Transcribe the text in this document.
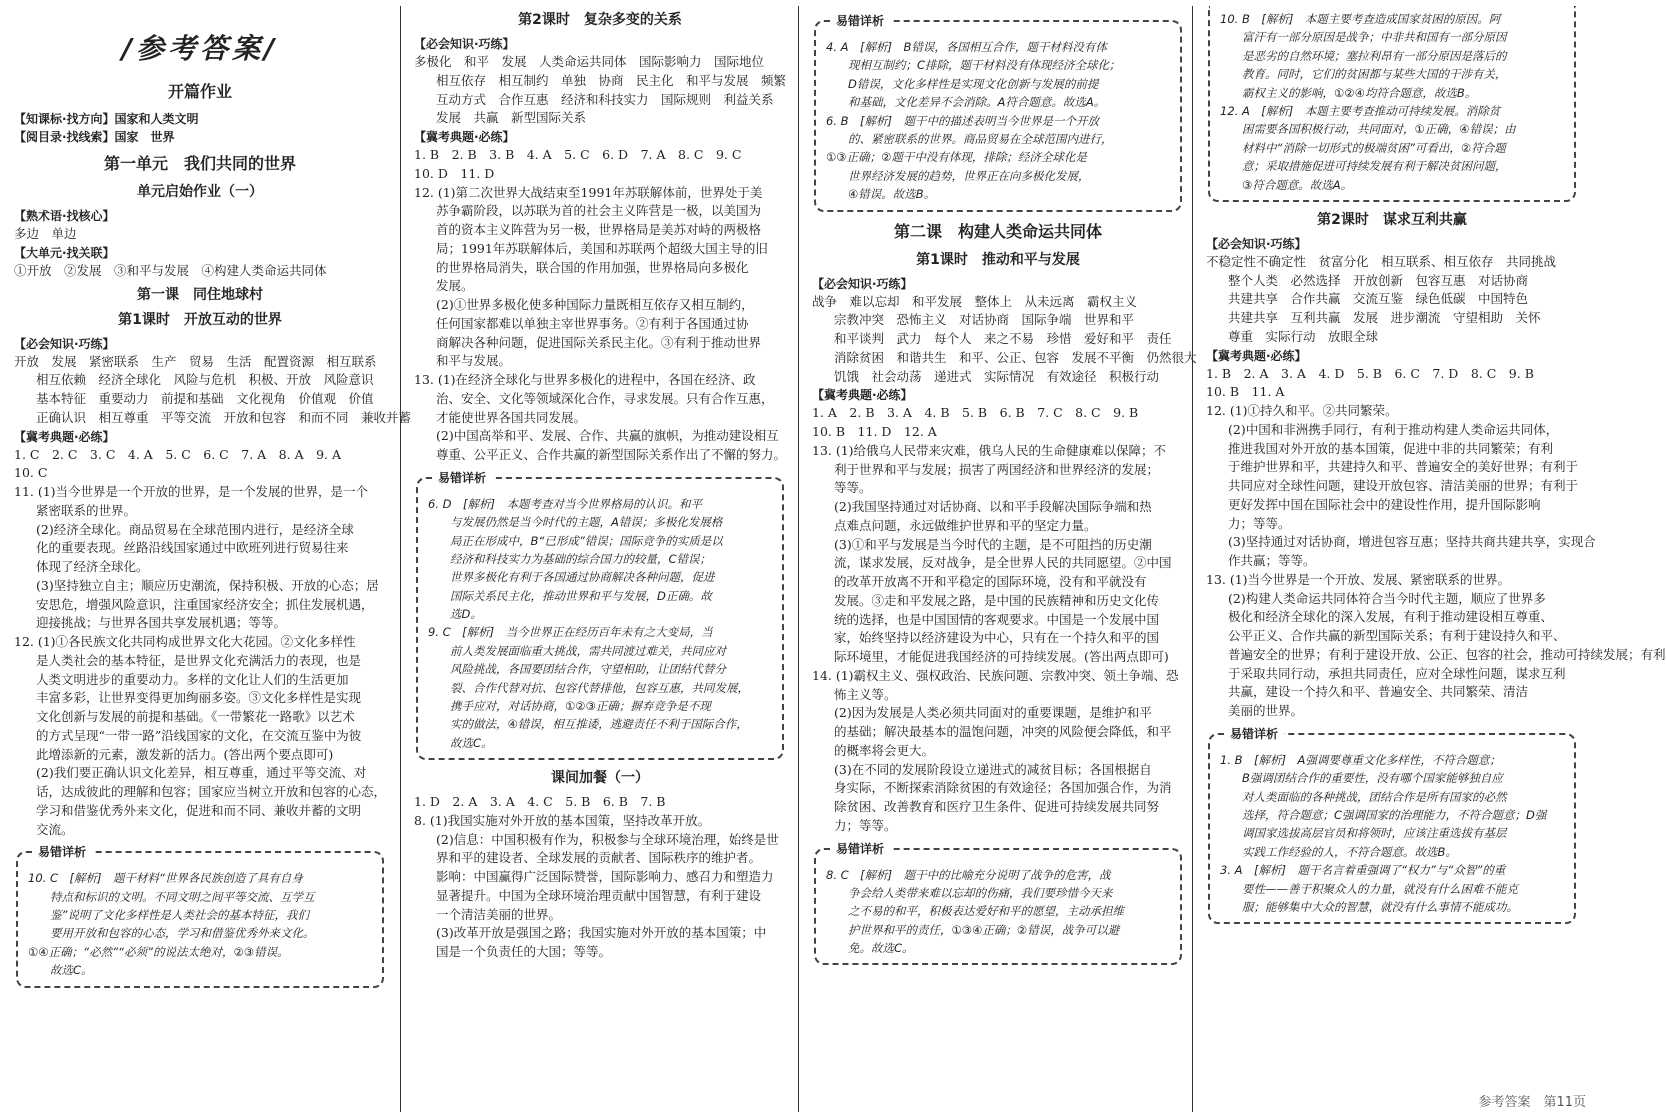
/参考答案/
开篇作业
【知课标·找方向】国家和人类文明
【阅目录·找线索】国家　世界
第一单元　我们共同的世界
单元启始作业（一）
【熟术语·找核心】
多边　单边
【大单元·找关联】
①开放　②发展　③和平与发展　④构建人类命运共同体
第一课　同住地球村
第1课时　开放互动的世界
【必会知识·巧练】
开放　发展　紧密联系　生产　贸易　生活　配置资源　相互联系
相互依赖　经济全球化　风险与危机　积极、开放　风险意识
基本特征　重要动力　前提和基础　文化视角　价值观　价值
正确认识　相互尊重　平等交流　开放和包容　和而不同　兼收并蓄
【冀考典题·必练】
1. C　2. C　3. C　4. A　5. C　6. C　7. A　8. A　9. A
10. C
11. (1)当今世界是一个开放的世界，是一个发展的世界，是一个
紧密联系的世界。
(2)经济全球化。商品贸易在全球范围内进行，是经济全球
化的重要表现。丝路沿线国家通过中欧班列进行贸易往来
体现了经济全球化。
(3)坚持独立自主；顺应历史潮流，保持积极、开放的心态；居
安思危，增强风险意识，注重国家经济安全；抓住发展机遇，
迎接挑战；与世界各国共享发展机遇；等等。
12. (1)①各民族文化共同构成世界文化大花园。②文化多样性
是人类社会的基本特征，是世界文化充满活力的表现，也是
人类文明进步的重要动力。多样的文化让人们的生活更加
丰富多彩，让世界变得更加绚丽多姿。③文化多样性是实现
文化创新与发展的前提和基础。《一带繁花一路歌》以艺术
的方式呈现“一带一路”沿线国家的文化，在交流互鉴中为彼
此增添新的元素，激发新的活力。(答出两个要点即可)
(2)我们要正确认识文化差异，相互尊重，通过平等交流、对
话，达成彼此的理解和包容；国家应当树立开放和包容的心态，
学习和借鉴优秀外来文化，促进和而不同、兼收并蓄的文明
交流。
易错详析
10. C　[解析]　题干材料“世界各民族创造了具有自身
特点和标识的文明。不同文明之间平等交流、互学互
鉴”说明了文化多样性是人类社会的基本特征，我们
要用开放和包容的心态，学习和借鉴优秀外来文化。
①④正确；“必然”“必须”的说法太绝对，②③错误。
故选C。
第2课时　复杂多变的关系
【必会知识·巧练】
多极化　和平　发展　人类命运共同体　国际影响力　国际地位
相互依存　相互制约　单独　协商　民主化　和平与发展　频繁
互动方式　合作互惠　经济和科技实力　国际规则　利益关系
发展　共赢　新型国际关系
【冀考典题·必练】
1. B　2. B　3. B　4. A　5. C　6. D　7. A　8. C　9. C
10. D　11. D
12. (1)第二次世界大战结束至1991年苏联解体前，世界处于美
苏争霸阶段，以苏联为首的社会主义阵营是一极，以美国为
首的资本主义阵营为另一极，世界格局是美苏对峙的两极格
局；1991年苏联解体后，美国和苏联两个超级大国主导的旧
的世界格局消失，联合国的作用加强，世界格局向多极化
发展。
(2)①世界多极化使多种国际力量既相互依存又相互制约，
任何国家都难以单独主宰世界事务。②有利于各国通过协
商解决各种问题，促进国际关系民主化。③有利于推动世界
和平与发展。
13. (1)在经济全球化与世界多极化的进程中，各国在经济、政
治、安全、文化等领域深化合作，寻求发展。只有合作互惠，
才能使世界各国共同发展。
(2)中国高举和平、发展、合作、共赢的旗帜，为推动建设相互
尊重、公平正义、合作共赢的新型国际关系作出了不懈的努力。
易错详析
6. D　[解析]　本题考查对当今世界格局的认识。和平
与发展仍然是当今时代的主题，A错误；多极化发展格
局正在形成中，B“已形成”错误；国际竞争的实质是以
经济和科技实力为基础的综合国力的较量，C错误；
世界多极化有利于各国通过协商解决各种问题，促进
国际关系民主化，推动世界和平与发展，D正确。故
选D。
9. C　[解析]　当今世界正在经历百年未有之大变局，当
前人类发展面临重大挑战，需共同渡过难关，共同应对
风险挑战，各国要团结合作，守望相助，让团结代替分
裂、合作代替对抗、包容代替排他，包容互惠，共同发展，
携手应对，对话协商，①②③正确；摒弃竞争是不现
实的做法，④错误，相互推诿，逃避责任不利于国际合作，
故选C。
课间加餐（一）
1. D　2. A　3. A　4. C　5. B　6. B　7. B
8. (1)我国实施对外开放的基本国策，坚持改革开放。
(2)信息：中国积极有作为，积极参与全球环境治理，始终是世
界和平的建设者、全球发展的贡献者、国际秩序的维护者。
影响：中国赢得广泛国际赞誉，国际影响力、感召力和塑造力
显著提升。中国为全球环境治理贡献中国智慧，有利于建设
一个清洁美丽的世界。
(3)改革开放是强国之路；我国实施对外开放的基本国策；中
国是一个负责任的大国；等等。
易错详析
4. A　[解析]　B错误，各国相互合作，题干材料没有体
现相互制约；C排除，题干材料没有体现经济全球化；
D错误，文化多样性是实现文化创新与发展的前提
和基础，文化差异不会消除。A符合题意。故选A。
6. B　[解析]　题干中的描述表明当今世界是一个开放
的、紧密联系的世界。商品贸易在全球范围内进行，
①③正确；②题干中没有体现，排除；经济全球化是
世界经济发展的趋势，世界正在向多极化发展，
④错误。故选B。
第二课　构建人类命运共同体
第1课时　推动和平与发展
【必会知识·巧练】
战争　难以忘却　和平发展　整体上　从未远离　霸权主义
宗教冲突　恐怖主义　对话协商　国际争端　世界和平
和平谈判　武力　每个人　来之不易　珍惜　爱好和平　责任
消除贫困　和谐共生　和平、公正、包容　发展不平衡　仍然很大
饥饿　社会动荡　递进式　实际情况　有效途径　积极行动
【冀考典题·必练】
1. A　2. B　3. A　4. B　5. B　6. B　7. C　8. C　9. B
10. B　11. D　12. A
13. (1)给俄乌人民带来灾难，俄乌人民的生命健康难以保障；不
利于世界和平与发展；损害了两国经济和世界经济的发展；
等等。
(2)我国坚持通过对话协商、以和平手段解决国际争端和热
点难点问题，永远做维护世界和平的坚定力量。
(3)①和平与发展是当今时代的主题，是不可阻挡的历史潮
流，谋求发展，反对战争，是全世界人民的共同愿望。②中国
的改革开放离不开和平稳定的国际环境，没有和平就没有
发展。③走和平发展之路，是中国的民族精神和历史文化传
统的选择，也是中国国情的客观要求。中国是一个发展中国
家，始终坚持以经济建设为中心，只有在一个持久和平的国
际环境里，才能促进我国经济的可持续发展。(答出两点即可)
14. (1)霸权主义、强权政治、民族问题、宗教冲突、领土争端、恐
怖主义等。
(2)因为发展是人类必须共同面对的重要课题，是维护和平
的基础；解决最基本的温饱问题，冲突的风险便会降低，和平
的概率将会更大。
(3)在不同的发展阶段设立递进式的减贫目标；各国根据自
身实际，不断探索消除贫困的有效途径；各国加强合作，为消
除贫困、改善教育和医疗卫生条件、促进可持续发展共同努
力；等等。
易错详析
8. C　[解析]　题干中的比喻充分说明了战争的危害，战
争会给人类带来难以忘却的伤痛，我们要珍惜今天来
之不易的和平，积极表达爱好和平的愿望，主动承担维
护世界和平的责任，①③④正确；②错误，战争可以避
免。故选C。
10. B　[解析]　本题主要考查造成国家贫困的原因。阿
富汗有一部分原因是战争；中非共和国有一部分原因
是恶劣的自然环境；塞拉利昂有一部分原因是落后的
教育。同时，它们的贫困都与某些大国的干涉有关，
霸权主义的影响，①②④均符合题意，故选B。
12. A　[解析]　本题主要考查推动可持续发展。消除贫
困需要各国积极行动，共同面对，①正确，④错误；由
材料中“消除一切形式的极端贫困”可看出，②符合题
意；采取措施促进可持续发展有利于解决贫困问题，
③符合题意。故选A。
第2课时　谋求互利共赢
【必会知识·巧练】
不稳定性不确定性　贫富分化　相互联系、相互依存　共同挑战
整个人类　必然选择　开放创新　包容互惠　对话协商
共建共享　合作共赢　交流互鉴　绿色低碳　中国特色
共建共享　互利共赢　发展　进步潮流　守望相助　关怀
尊重　实际行动　放眼全球
【冀考典题·必练】
1. B　2. A　3. A　4. D　5. B　6. C　7. D　8. C　9. B
10. B　11. A
12. (1)①持久和平。②共同繁荣。
(2)中国和非洲携手同行，有利于推动构建人类命运共同体，
推进我国对外开放的基本国策，促进中非的共同繁荣；有利
于维护世界和平，共建持久和平、普遍安全的美好世界；有利于
共同应对全球性问题，建设开放包容、清洁美丽的世界；有利于
更好发挥中国在国际社会中的建设性作用，提升国际影响
力；等等。
(3)坚持通过对话协商，增进包容互惠；坚持共商共建共享，实现合
作共赢；等等。
13. (1)当今世界是一个开放、发展、紧密联系的世界。
(2)构建人类命运共同体符合当今时代主题，顺应了世界多
极化和经济全球化的深入发展，有利于推动建设相互尊重、
公平正义、合作共赢的新型国际关系；有利于建设持久和平、
普遍安全的世界；有利于建设开放、公正、包容的社会，推动可持续发展；有利
于采取共同行动，承担共同责任，应对全球性问题，谋求互利
共赢，建设一个持久和平、普遍安全、共同繁荣、清洁
美丽的世界。
易错详析
1. B　[解析]　A强调要尊重文化多样性，不符合题意；
B强调团结合作的重要性，没有哪个国家能够独自应
对人类面临的各种挑战，团结合作是所有国家的必然
选择，符合题意；C强调国家的治理能力，不符合题意；D强
调国家选拔高层官员和将领时，应该注重选拔有基层
实践工作经验的人，不符合题意。故选B。
3. A　[解析]　题干名言着重强调了“权力”与“众智”的重
要性——善于积聚众人的力量，就没有什么困难不能克
服；能够集中大众的智慧，就没有什么事情不能成功。
参考答案　第11页
